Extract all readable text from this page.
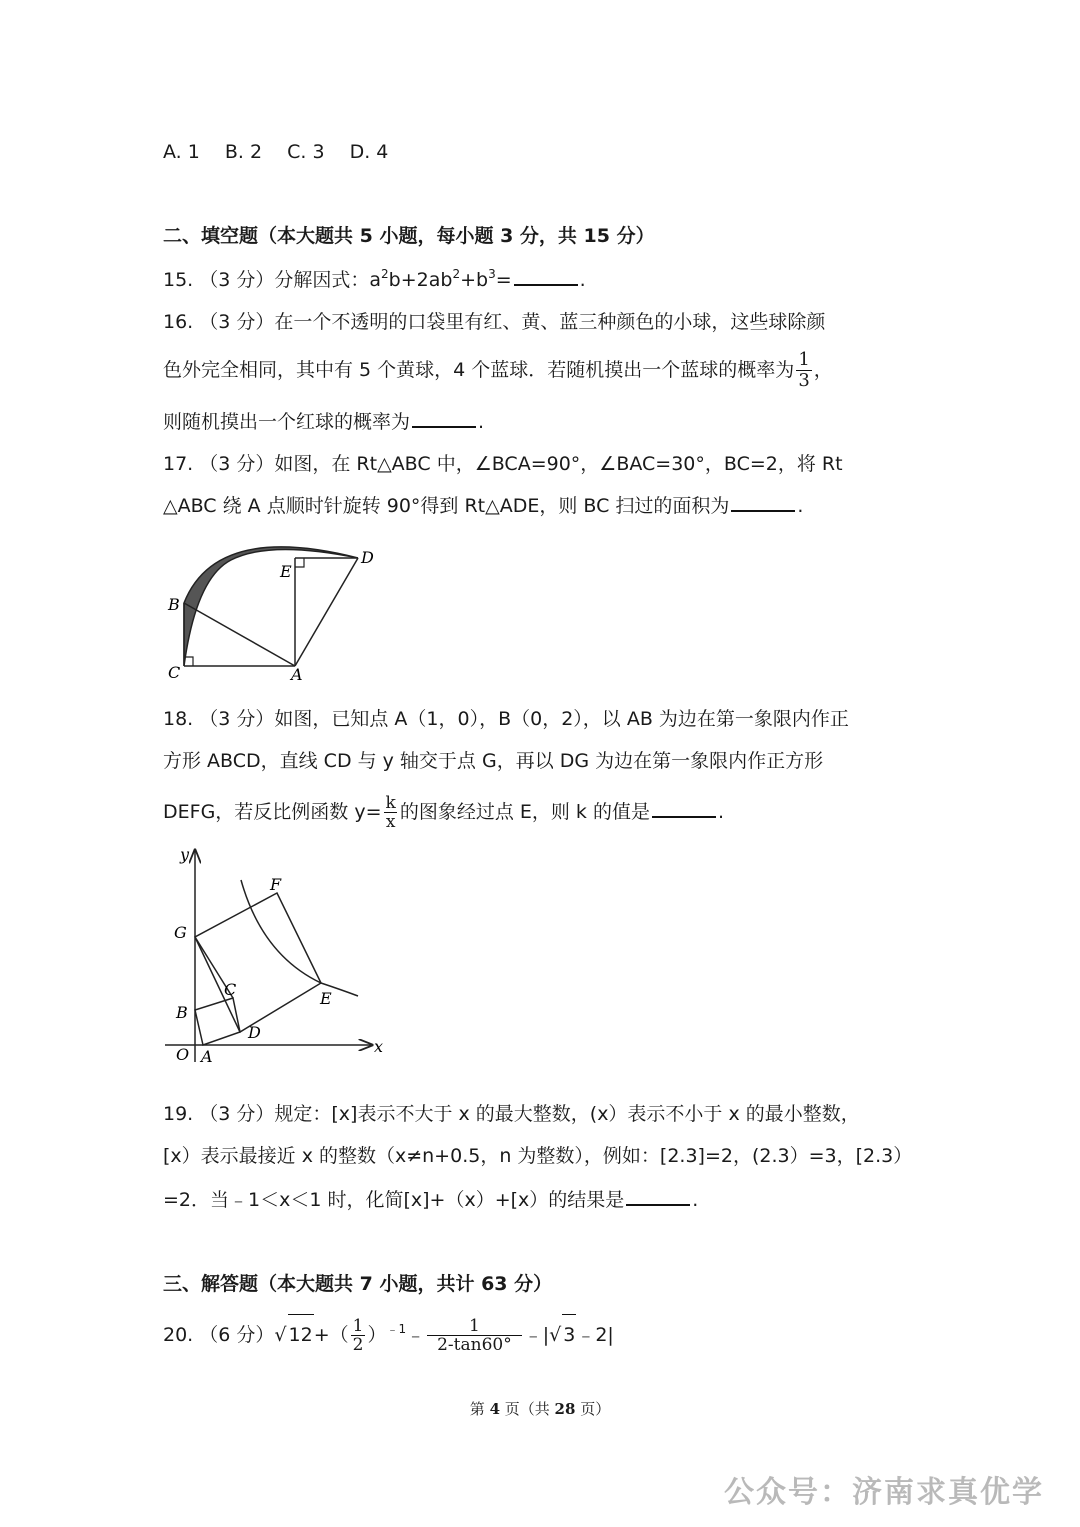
A. 1　 B. 2　 C. 3　 D. 4
二、填空题（本大题共 5 小题，每小题 3 分，共 15 分）
15. （3 分）分解因式：$a^2b+2ab^2+b^3=$	.
16. （3 分）在一个不透明的口袋里有红、黄、蓝三种颜色的小球，这些球除颜
色外完全相同，其中有 5 个黄球，4 个蓝球．若随机摸出一个蓝球的概率为 $\frac{1}{3}$ ，
则随机摸出一个红球的概率为	.
17. （3 分）如图，在 Rt△ABC 中，∠BCA=90°，∠BAC=30°，BC=2，将 Rt
△ABC 绕 A 点顺时针旋转 90°得到 Rt△ADE，则 BC 扫过的面积为	.
B
E
D
C	A
18. （3 分）如图，已知点 A（1，0），B（0，2），以 AB 为边在第一象限内作正
方形 ABCD，直线 CD 与 y 轴交于点 G，再以 DG 为边在第一象限内作正方形
DEFG，若反比例函数 $y= \frac{k}{x}$ 的图象经过点 E，则 k 的值是	.
y
F
G
C
B
E
D
O A
x
19. （3 分）规定：[x]表示不大于 x 的最大整数，(x）表示不小于 x 的最小整数，
[x）表示最接近 x 的整数（x≠n+0.5，n 为整数），例如：[2.3]=2，(2.3）=3，[2.3）
=2．当﹣1＜x＜1 时，化简[x]+（x）+[x）的结果是	.
三、解答题（本大题共 7 小题，共计 63 分）
20. （6 分）√ $12+( \frac{1}{2}$ ）$^{﹣1}﹣ \frac{1}{2-\tan 60^\circ}$ ﹣|√ 3﹣2|
第 4 页（共 28 页）
公众号：济南求真优学
